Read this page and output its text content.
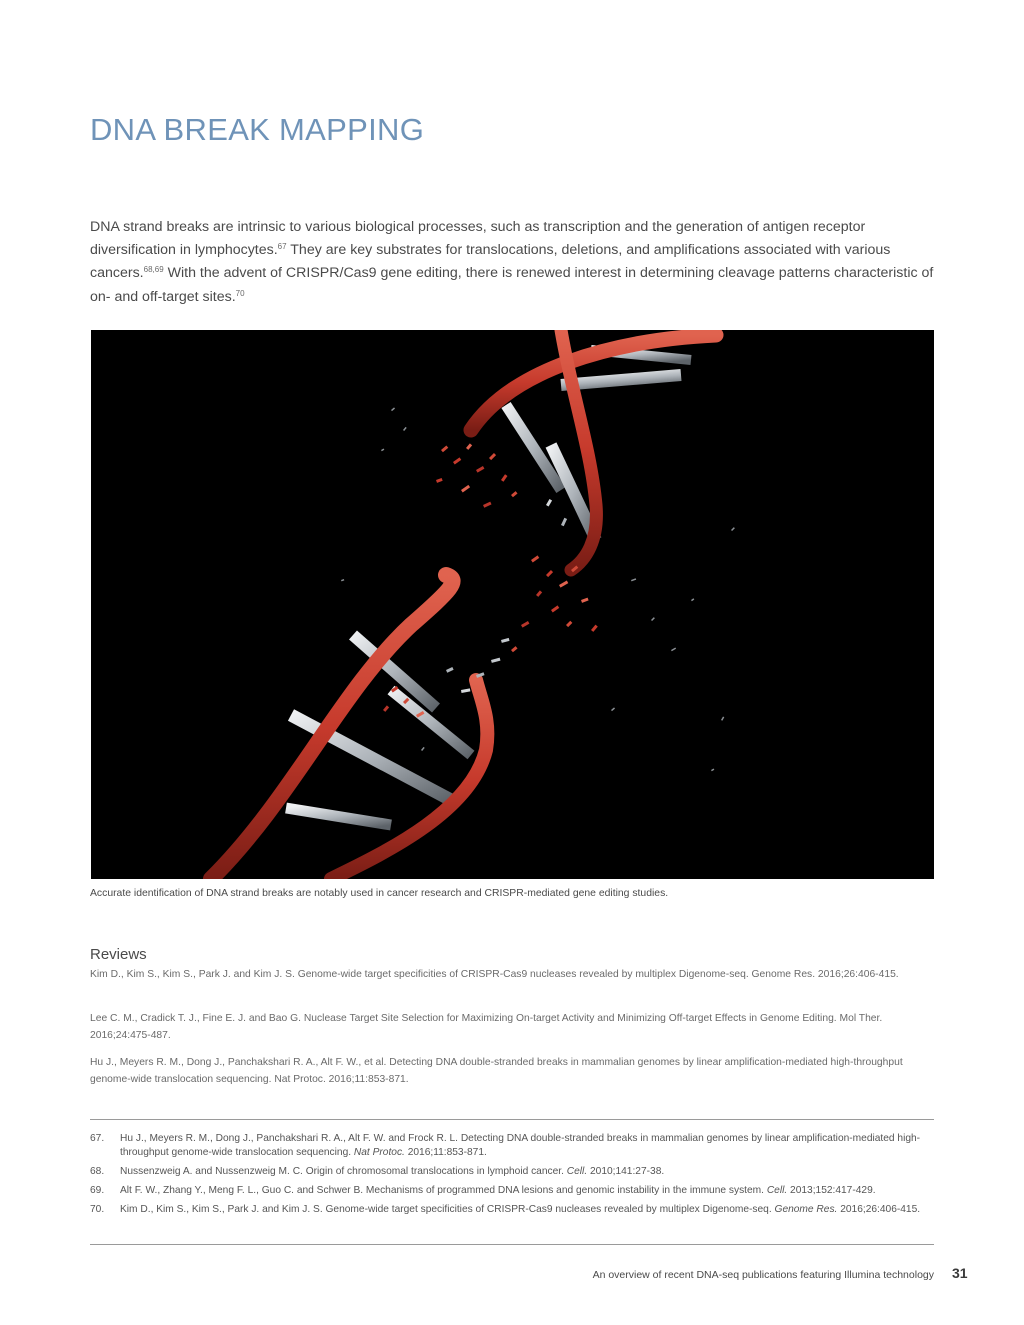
DNA BREAK MAPPING

DNA strand breaks are intrinsic to various biological processes, such as transcription and the generation of antigen receptor diversification in lymphocytes.$^{67}$ They are key substrates for translocations, deletions, and amplifications associated with various cancers.$^{68,69}$ With the advent of CRISPR/Cas9 gene editing, there is renewed interest in determining cleavage patterns characteristic of on- and off-target sites.$^{70}$

Accurate identification of DNA strand breaks are notably used in cancer research and CRISPR-mediated gene editing studies.

Reviews

Kim D., Kim S., Kim S., Park J. and Kim J. S. Genome-wide target specificities of CRISPR-Cas9 nucleases revealed by multiplex Digenome-seq. Genome Res. 2016;26:406-415.

Lee C. M., Cradick T. J., Fine E. J. and Bao G. Nuclease Target Site Selection for Maximizing On-target Activity and Minimizing Off-target Effects in Genome Editing. Mol Ther. 2016;24:475-487.

Hu J., Meyers R. M., Dong J., Panchakshari R. A., Alt F. W., et al. Detecting DNA double-stranded breaks in mammalian genomes by linear amplification-mediated high-throughput genome-wide translocation sequencing. Nat Protoc. 2016;11:853-871.

67. Hu J., Meyers R. M., Dong J., Panchakshari R. A., Alt F. W. and Frock R. L. Detecting DNA double-stranded breaks in mammalian genomes by linear amplification-mediated high-throughput genome-wide translocation sequencing. Nat Protoc. 2016;11:853-871.
68. Nussenzweig A. and Nussenzweig M. C. Origin of chromosomal translocations in lymphoid cancer. Cell. 2010;141:27-38.
69. Alt F. W., Zhang Y., Meng F. L., Guo C. and Schwer B. Mechanisms of programmed DNA lesions and genomic instability in the immune system. Cell. 2013;152:417-429.
70. Kim D., Kim S., Kim S., Park J. and Kim J. S. Genome-wide target specificities of CRISPR-Cas9 nucleases revealed by multiplex Digenome-seq. Genome Res. 2016;26:406-415.

An overview of recent DNA-seq publications featuring Illumina technology 31
